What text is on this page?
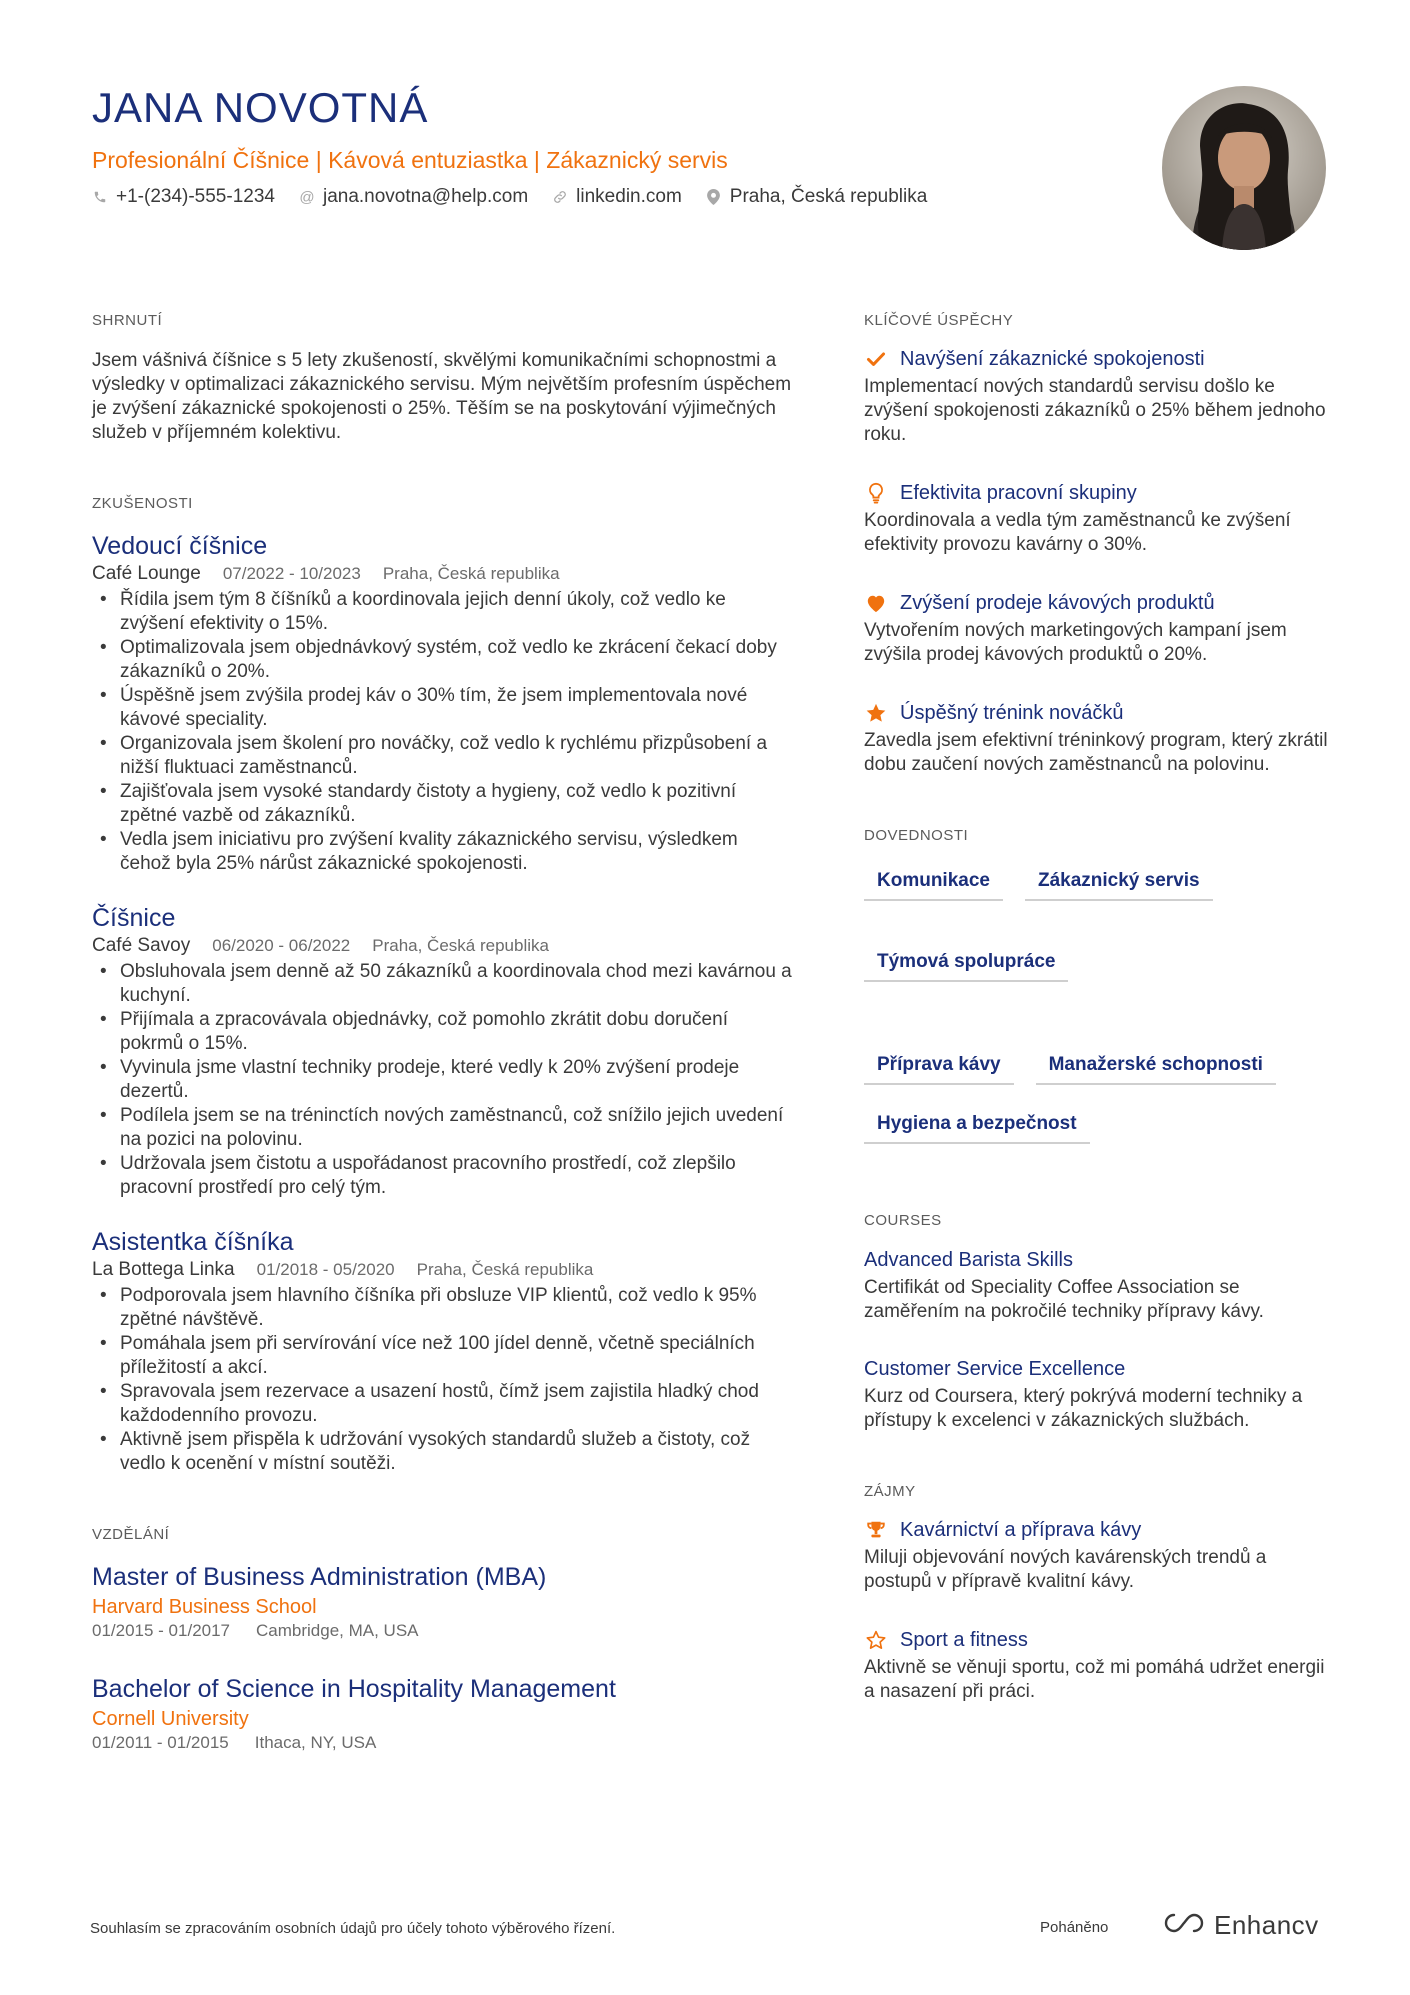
JANA NOVOTNÁ
Profesionální Číšnice | Kávová entuziastka | Zákaznický servis
+1-(234)-555-1234 @ jana.novotna@help.com	linkedin.com	Praha, Česká republika
SHRNUTÍ
Jsem vášnivá číšnice s 5 lety zkušeností, skvělými komunikačními schopnostmi a výsledky v optimalizaci zákaznického servisu. Mým největším profesním úspěchem je zvýšení zákaznické spokojenosti o 25%. Těším se na poskytování výjimečných služeb v příjemném kolektivu.
ZKUŠENOSTI
Vedoucí číšnice
Café Lounge 07/2022 - 10/2023 Praha, Česká republika
• Řídila jsem tým 8 číšníků a koordinovala jejich denní úkoly, což vedlo ke zvýšení efektivity o 15%.
• Optimalizovala jsem objednávkový systém, což vedlo ke zkrácení čekací doby zákazníků o 20%.
• Úspěšně jsem zvýšila prodej káv o 30% tím, že jsem implementovala nové kávové speciality.
• Organizovala jsem školení pro nováčky, což vedlo k rychlému přizpůsobení a nižší fluktuaci zaměstnanců.
• Zajišťovala jsem vysoké standardy čistoty a hygieny, což vedlo k pozitivní zpětné vazbě od zákazníků.
• Vedla jsem iniciativu pro zvýšení kvality zákaznického servisu, výsledkem čehož byla 25% nárůst zákaznické spokojenosti.
Číšnice
Café Savoy 06/2020 - 06/2022 Praha, Česká republika
• Obsluhovala jsem denně až 50 zákazníků a koordinovala chod mezi kavárnou a kuchyní.
• Přijímala a zpracovávala objednávky, což pomohlo zkrátit dobu doručení pokrmů o 15%.
• Vyvinula jsme vlastní techniky prodeje, které vedly k 20% zvýšení prodeje dezertů.
• Podílela jsem se na tréninctích nových zaměstnanců, což snížilo jejich uvedení na pozici na polovinu.
• Udržovala jsem čistotu a uspořádanost pracovního prostředí, což zlepšilo pracovní prostředí pro celý tým.
Asistentka číšníka
La Bottega Linka 01/2018 - 05/2020 Praha, Česká republika
• Podporovala jsem hlavního číšníka při obsluze VIP klientů, což vedlo k 95% zpětné návštěvě.
• Pomáhala jsem při servírování více než 100 jídel denně, včetně speciálních příležitostí a akcí.
• Spravovala jsem rezervace a usazení hostů, čímž jsem zajistila hladký chod každodenního provozu.
• Aktivně jsem přispěla k udržování vysokých standardů služeb a čistoty, což vedlo k ocenění v místní soutěži.
VZDĚLÁNÍ
Master of Business Administration (MBA)
Harvard Business School
01/2015 - 01/2017 Cambridge, MA, USA
Bachelor of Science in Hospitality Management
Cornell University
01/2011 - 01/2015 Ithaca, NY, USA
KLÍČOVÉ ÚSPĚCHY
Navýšení zákaznické spokojenosti
Implementací nových standardů servisu došlo ke zvýšení spokojenosti zákazníků o 25% během jednoho roku.
Efektivita pracovní skupiny
Koordinovala a vedla tým zaměstnanců ke zvýšení efektivity provozu kavárny o 30%.
Zvýšení prodeje kávových produktů
Vytvořením nových marketingových kampaní jsem zvýšila prodej kávových produktů o 20%.
Úspěšný trénink nováčků
Zavedla jsem efektivní tréninkový program, který zkrátil dobu zaučení nových zaměstnanců na polovinu.
DOVEDNOSTI
Komunikace	Zákaznický servis
Týmová spolupráce
Příprava kávy	Manažerské schopnosti
Hygiena a bezpečnost
COURSES
Advanced Barista Skills
Certifikát od Speciality Coffee Association se zaměřením na pokročilé techniky přípravy kávy.
Customer Service Excellence
Kurz od Coursera, který pokrývá moderní techniky a přístupy k excelenci v zákaznických službách.
ZÁJMY
Kavárnictví a příprava kávy
Miluji objevování nových kavárenských trendů a postupů v přípravě kvalitní kávy.
Sport a fitness
Aktivně se věnuji sportu, což mi pomáhá udržet energii a nasazení při práci.
Souhlasím se zpracováním osobních údajů pro účely tohoto výběrového řízení.	Poháněno	Enhancv
